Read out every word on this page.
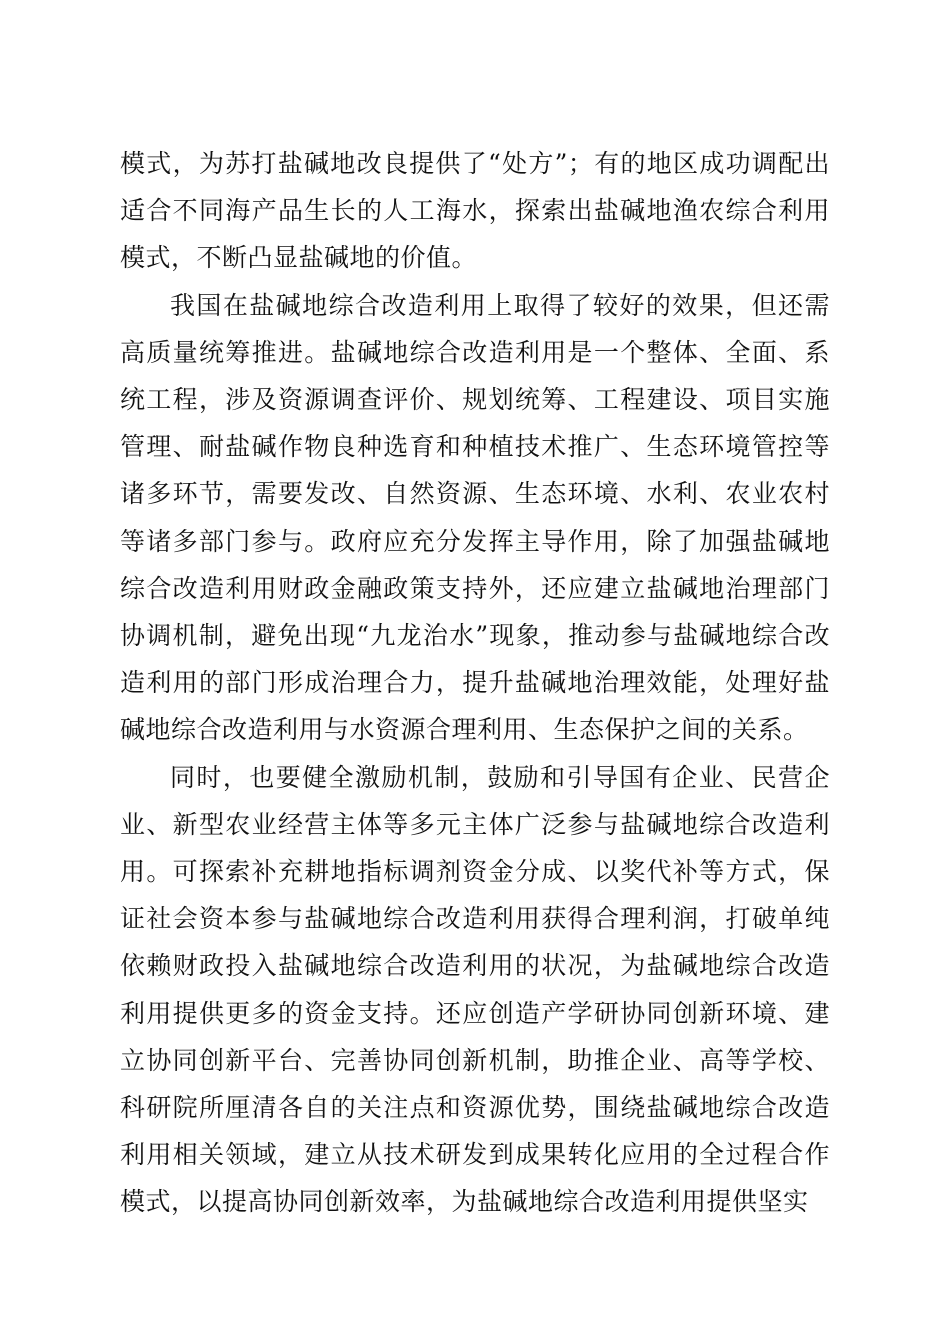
模式，为苏打盐碱地改良提供了“处方”；有的地区成功调配出适合不同海产品生长的人工海水，探索出盐碱地渔农综合利用模式，不断凸显盐碱地的价值。

我国在盐碱地综合改造利用上取得了较好的效果，但还需高质量统筹推进。盐碱地综合改造利用是一个整体、全面、系统工程，涉及资源调查评价、规划统筹、工程建设、项目实施管理、耐盐碱作物良种选育和种植技术推广、生态环境管控等诸多环节，需要发改、自然资源、生态环境、水利、农业农村等诸多部门参与。政府应充分发挥主导作用，除了加强盐碱地综合改造利用财政金融政策支持外，还应建立盐碱地治理部门协调机制，避免出现“九龙治水”现象，推动参与盐碱地综合改造利用的部门形成治理合力，提升盐碱地治理效能，处理好盐碱地综合改造利用与水资源合理利用、生态保护之间的关系。

同时，也要健全激励机制，鼓励和引导国有企业、民营企业、新型农业经营主体等多元主体广泛参与盐碱地综合改造利用。可探索补充耕地指标调剂资金分成、以奖代补等方式，保证社会资本参与盐碱地综合改造利用获得合理利润，打破单纯依赖财政投入盐碱地综合改造利用的状况，为盐碱地综合改造利用提供更多的资金支持。还应创造产学研协同创新环境、建立协同创新平台、完善协同创新机制，助推企业、高等学校、科研院所厘清各自的关注点和资源优势，围绕盐碱地综合改造利用相关领域，建立从技术研发到成果转化应用的全过程合作模式，以提高协同创新效率，为盐碱地综合改造利用提供坚实
